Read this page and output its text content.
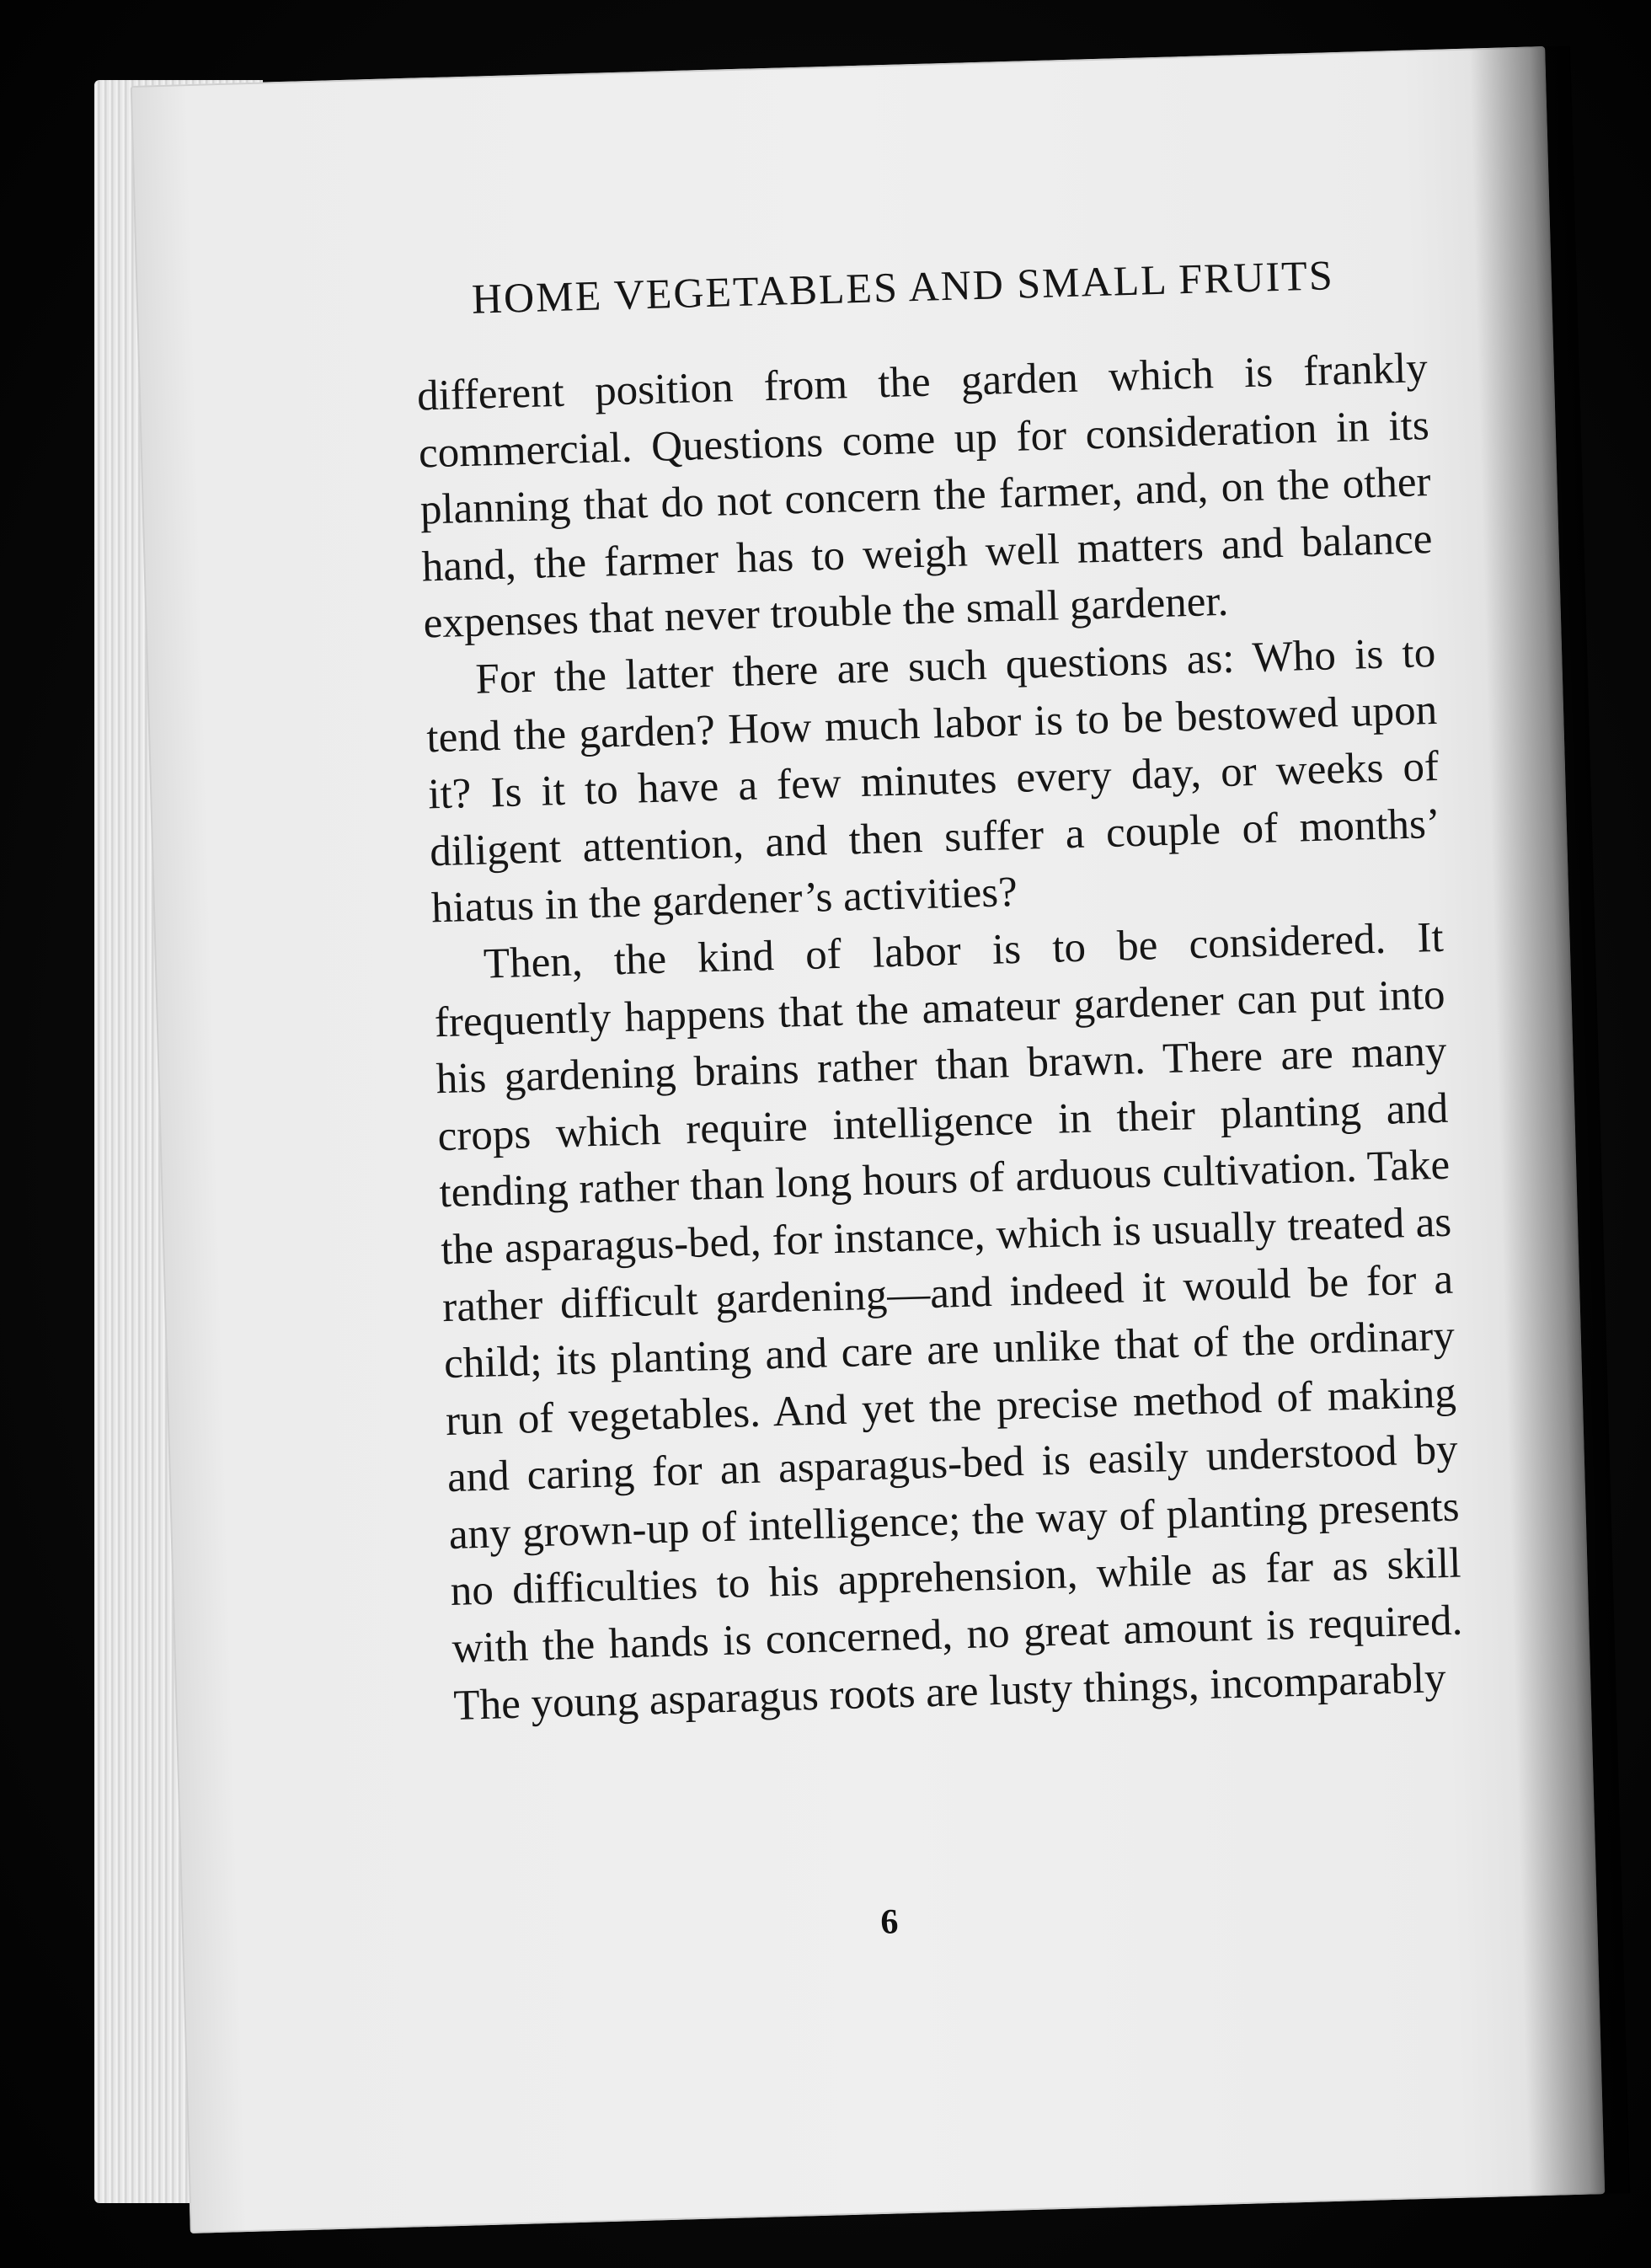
HOME VEGETABLES AND SMALL FRUITS

different position from the garden which is frankly commercial. Questions come up for consideration in its planning that do not concern the farmer, and, on the other hand, the farmer has to weigh well matters and balance expenses that never trouble the small gardener.

For the latter there are such questions as: Who is to tend the garden? How much labor is to be bestowed upon it? Is it to have a few minutes every day, or weeks of diligent attention, and then suffer a couple of months’ hiatus in the gardener’s activities?

Then, the kind of labor is to be considered. It frequently happens that the amateur gardener can put into his gardening brains rather than brawn. There are many crops which require intelligence in their planting and tending rather than long hours of arduous cultivation. Take the asparagus-bed, for instance, which is usually treated as rather difficult gardening—and indeed it would be for a child; its planting and care are unlike that of the ordinary run of vegetables. And yet the precise method of making and caring for an asparagus-bed is easily understood by any grown-up of intelligence; the way of planting presents no difficulties to his apprehension, while as far as skill with the hands is concerned, no great amount is required. The young asparagus roots are lusty things, incomparably

6
